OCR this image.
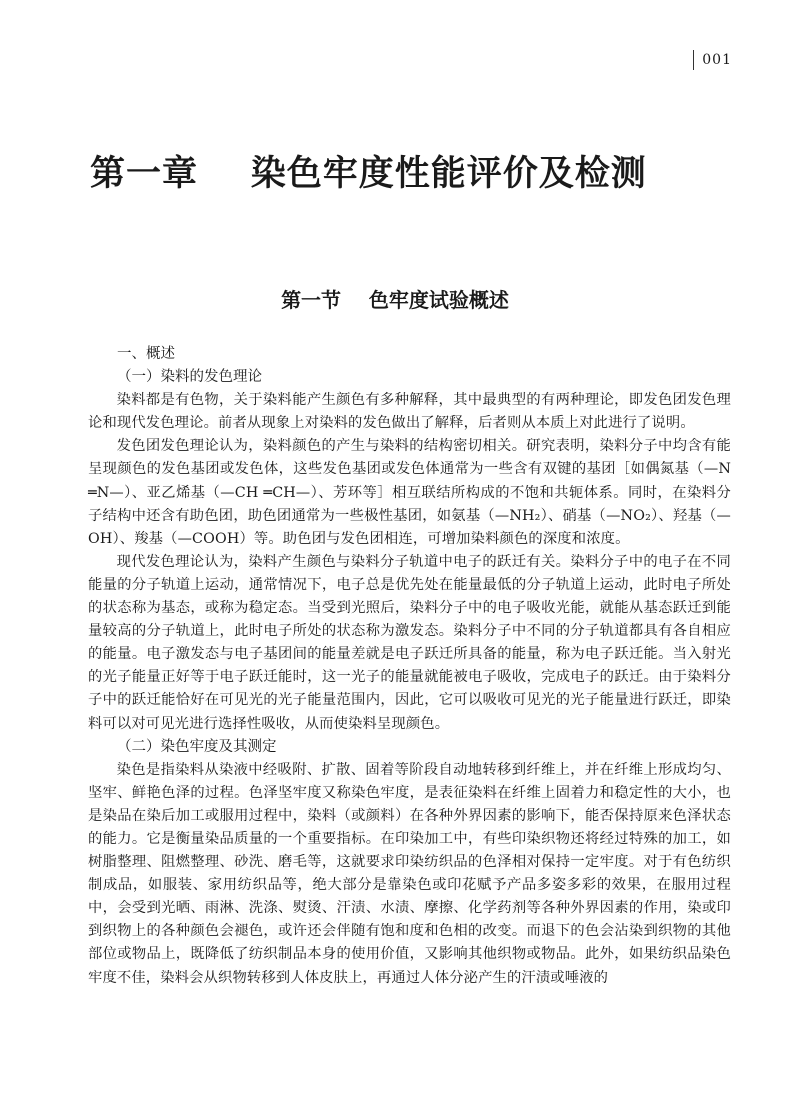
001
第一章    染色牢度性能评价及检测
第一节    色牢度试验概述
一、概述
（一）染料的发色理论

染料都是有色物，关于染料能产生颜色有多种解释，其中最典型的有两种理论，即发色团发色理论和现代发色理论。前者从现象上对染料的发色做出了解释，后者则从本质上对此进行了说明。

发色团发色理论认为，染料颜色的产生与染料的结构密切相关。研究表明，染料分子中均含有能呈现颜色的发色基团或发色体，这些发色基团或发色体通常为一些含有双键的基团［如偶氮基（—N ═N—）、亚乙烯基（—CH ═CH—）、芳环等］相互联结所构成的不饱和共轭体系。同时，在染料分子结构中还含有助色团，助色团通常为一些极性基团，如氨基（—NH₂）、硝基（—NO₂）、羟基（—OH）、羧基（—COOH）等。助色团与发色团相连，可增加染料颜色的深度和浓度。

现代发色理论认为，染料产生颜色与染料分子轨道中电子的跃迁有关。染料分子中的电子在不同能量的分子轨道上运动，通常情况下，电子总是优先处在能量最低的分子轨道上运动，此时电子所处的状态称为基态，或称为稳定态。当受到光照后，染料分子中的电子吸收光能，就能从基态跃迁到能量较高的分子轨道上，此时电子所处的状态称为激发态。染料分子中不同的分子轨道都具有各自相应的能量。电子激发态与电子基团间的能量差就是电子跃迁所具备的能量，称为电子跃迁能。当入射光的光子能量正好等于电子跃迁能时，这一光子的能量就能被电子吸收，完成电子的跃迁。由于染料分子中的跃迁能恰好在可见光的光子能量范围内，因此，它可以吸收可见光的光子能量进行跃迁，即染料可以对可见光进行选择性吸收，从而使染料呈现颜色。

（二）染色牢度及其测定

染色是指染料从染液中经吸附、扩散、固着等阶段自动地转移到纤维上，并在纤维上形成均匀、坚牢、鲜艳色泽的过程。色泽坚牢度又称染色牢度，是表征染料在纤维上固着力和稳定性的大小，也是染品在染后加工或服用过程中，染料（或颜料）在各种外界因素的影响下，能否保持原来色泽状态的能力。它是衡量染品质量的一个重要指标。在印染加工中，有些印染织物还将经过特殊的加工，如树脂整理、阻燃整理、砂洗、磨毛等，这就要求印染纺织品的色泽相对保持一定牢度。对于有色纺织制成品，如服装、家用纺织品等，绝大部分是靠染色或印花赋予产品多姿多彩的效果，在服用过程中，会受到光晒、雨淋、洗涤、熨烫、汗渍、水渍、摩擦、化学药剂等各种外界因素的作用，染或印到织物上的各种颜色会褪色，或许还会伴随有饱和度和色相的改变。而退下的色会沾染到织物的其他部位或物品上，既降低了纺织制品本身的使用价值，又影响其他织物或物品。此外，如果纺织品染色牢度不佳，染料会从织物转移到人体皮肤上，再通过人体分泌产生的汗渍或唾液的
